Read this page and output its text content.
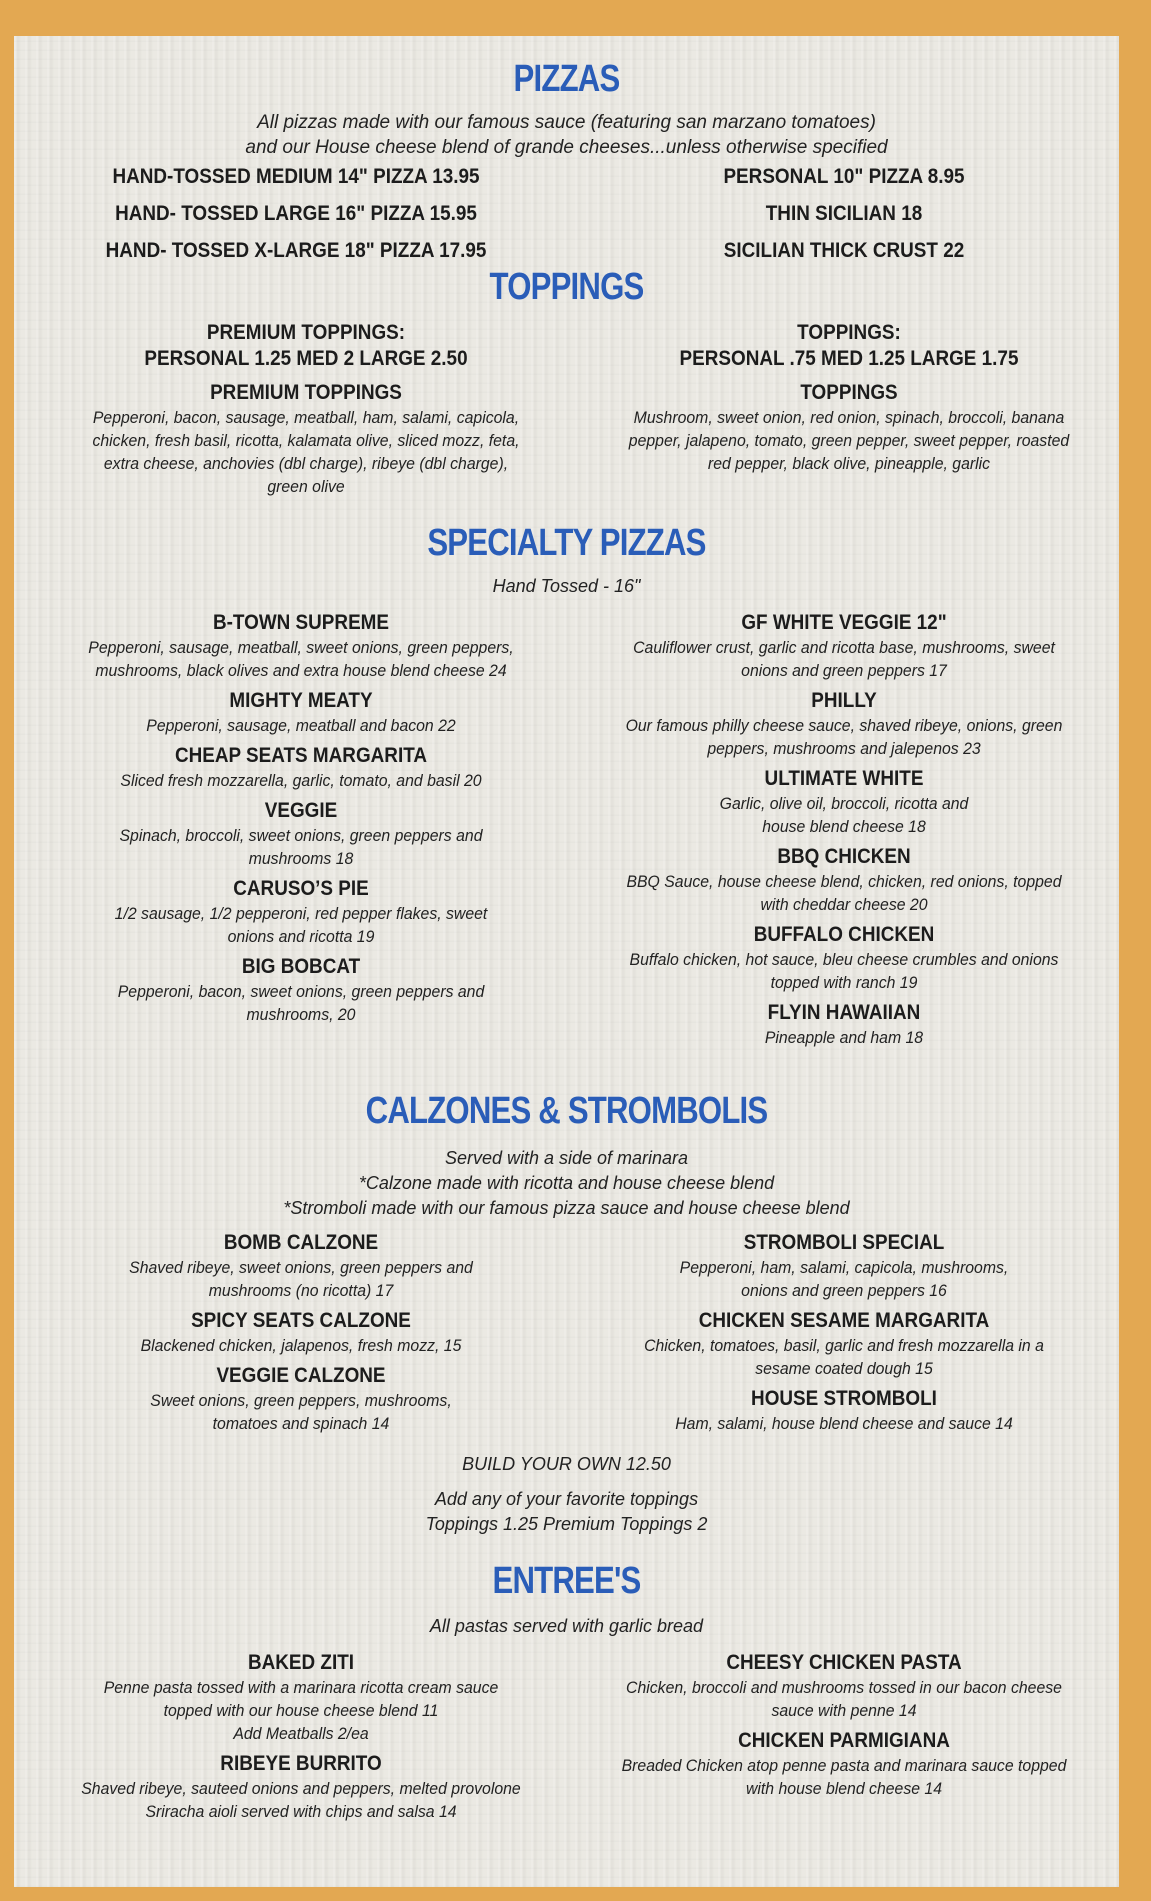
PIZZAS
All pizzas made with our famous sauce (featuring san marzano tomatoes)
and our House cheese blend of grande cheeses...unless otherwise specified
HAND-TOSSED MEDIUM 14" PIZZA 13.95
HAND- TOSSED LARGE 16" PIZZA 15.95
HAND- TOSSED X-LARGE 18" PIZZA 17.95
PERSONAL 10" PIZZA 8.95
THIN SICILIAN 18
SICILIAN THICK CRUST 22
TOPPINGS
PREMIUM TOPPINGS:
PERSONAL 1.25 MED 2 LARGE 2.50
PREMIUM TOPPINGS
Pepperoni, bacon, sausage, meatball, ham, salami, capicola, chicken, fresh basil, ricotta, kalamata olive, sliced mozz, feta, extra cheese, anchovies (dbl charge), ribeye (dbl charge), green olive
TOPPINGS:
PERSONAL .75 MED 1.25 LARGE 1.75
TOPPINGS
Mushroom, sweet onion, red onion, spinach, broccoli, banana pepper, jalapeno, tomato, green pepper, sweet pepper, roasted red pepper, black olive, pineapple, garlic
SPECIALTY PIZZAS
Hand Tossed - 16"
B-TOWN SUPREME
Pepperoni, sausage, meatball, sweet onions, green peppers, mushrooms, black olives and extra house blend cheese 24
MIGHTY MEATY
Pepperoni, sausage, meatball and bacon 22
CHEAP SEATS MARGARITA
Sliced fresh mozzarella, garlic, tomato, and basil 20
VEGGIE
Spinach, broccoli, sweet onions, green peppers and mushrooms 18
CARUSO’S PIE
1/2 sausage, 1/2 pepperoni, red pepper flakes, sweet onions and ricotta 19
BIG BOBCAT
Pepperoni, bacon, sweet onions, green peppers and mushrooms, 20
GF WHITE VEGGIE 12"
Cauliflower crust, garlic and ricotta base, mushrooms, sweet onions and green peppers 17
PHILLY
Our famous philly cheese sauce, shaved ribeye, onions, green peppers, mushrooms and jalepenos 23
ULTIMATE WHITE
Garlic, olive oil, broccoli, ricotta and house blend cheese 18
BBQ CHICKEN
BBQ Sauce, house cheese blend, chicken, red onions, topped with cheddar cheese 20
BUFFALO CHICKEN
Buffalo chicken, hot sauce, bleu cheese crumbles and onions topped with ranch 19
FLYIN HAWAIIAN
Pineapple and ham 18
CALZONES & STROMBOLIS
Served with a side of marinara
*Calzone made with ricotta and house cheese blend
*Stromboli made with our famous pizza sauce and house cheese blend
BOMB CALZONE
Shaved ribeye, sweet onions, green peppers and mushrooms (no ricotta) 17
SPICY SEATS CALZONE
Blackened chicken, jalapenos, fresh mozz, 15
VEGGIE CALZONE
Sweet onions, green peppers, mushrooms, tomatoes and spinach 14
STROMBOLI SPECIAL
Pepperoni, ham, salami, capicola, mushrooms, onions and green peppers 16
CHICKEN SESAME MARGARITA
Chicken, tomatoes, basil, garlic and fresh mozzarella in a sesame coated dough 15
HOUSE STROMBOLI
Ham, salami, house blend cheese and sauce 14
BUILD YOUR OWN 12.50
Add any of your favorite toppings
Toppings 1.25 Premium Toppings 2
ENTREE'S
All pastas served with garlic bread
BAKED ZITI
Penne pasta tossed with a marinara ricotta cream sauce topped with our house cheese blend 11
Add Meatballs 2/ea
RIBEYE BURRITO
Shaved ribeye, sauteed onions and peppers, melted provolone Sriracha aioli served with chips and salsa 14
CHEESY CHICKEN PASTA
Chicken, broccoli and mushrooms tossed in our bacon cheese sauce with penne 14
CHICKEN PARMIGIANA
Breaded Chicken atop penne pasta and marinara sauce topped with house blend cheese 14
